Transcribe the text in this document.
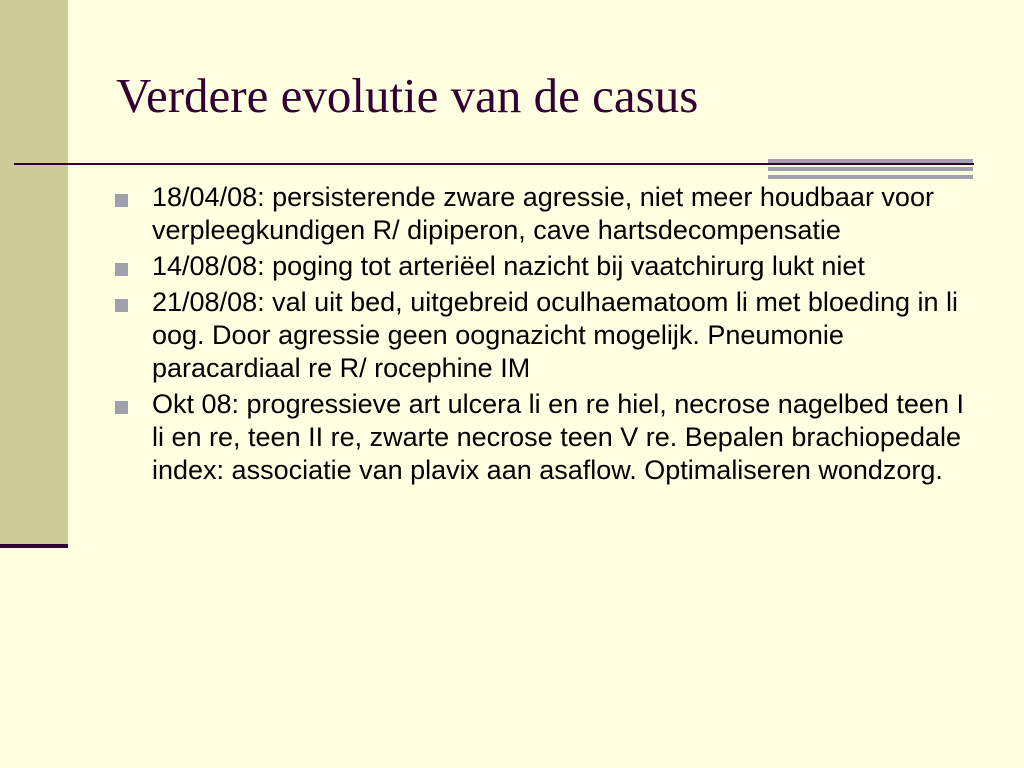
Verdere evolutie van de casus
18/04/08: persisterende zware agressie, niet meer houdbaar voor verpleegkundigen R/ dipiperon, cave hartsdecompensatie
14/08/08: poging tot arteriëel nazicht bij vaatchirurg lukt niet
21/08/08: val uit bed, uitgebreid oculhaematoom li met bloeding in li oog. Door agressie geen oognazicht mogelijk. Pneumonie paracardiaal re R/ rocephine IM
Okt 08: progressieve art ulcera li en re hiel, necrose nagelbed teen I li en re, teen II re, zwarte necrose teen V re. Bepalen brachiopedale index: associatie van plavix aan asaflow. Optimaliseren wondzorg.
